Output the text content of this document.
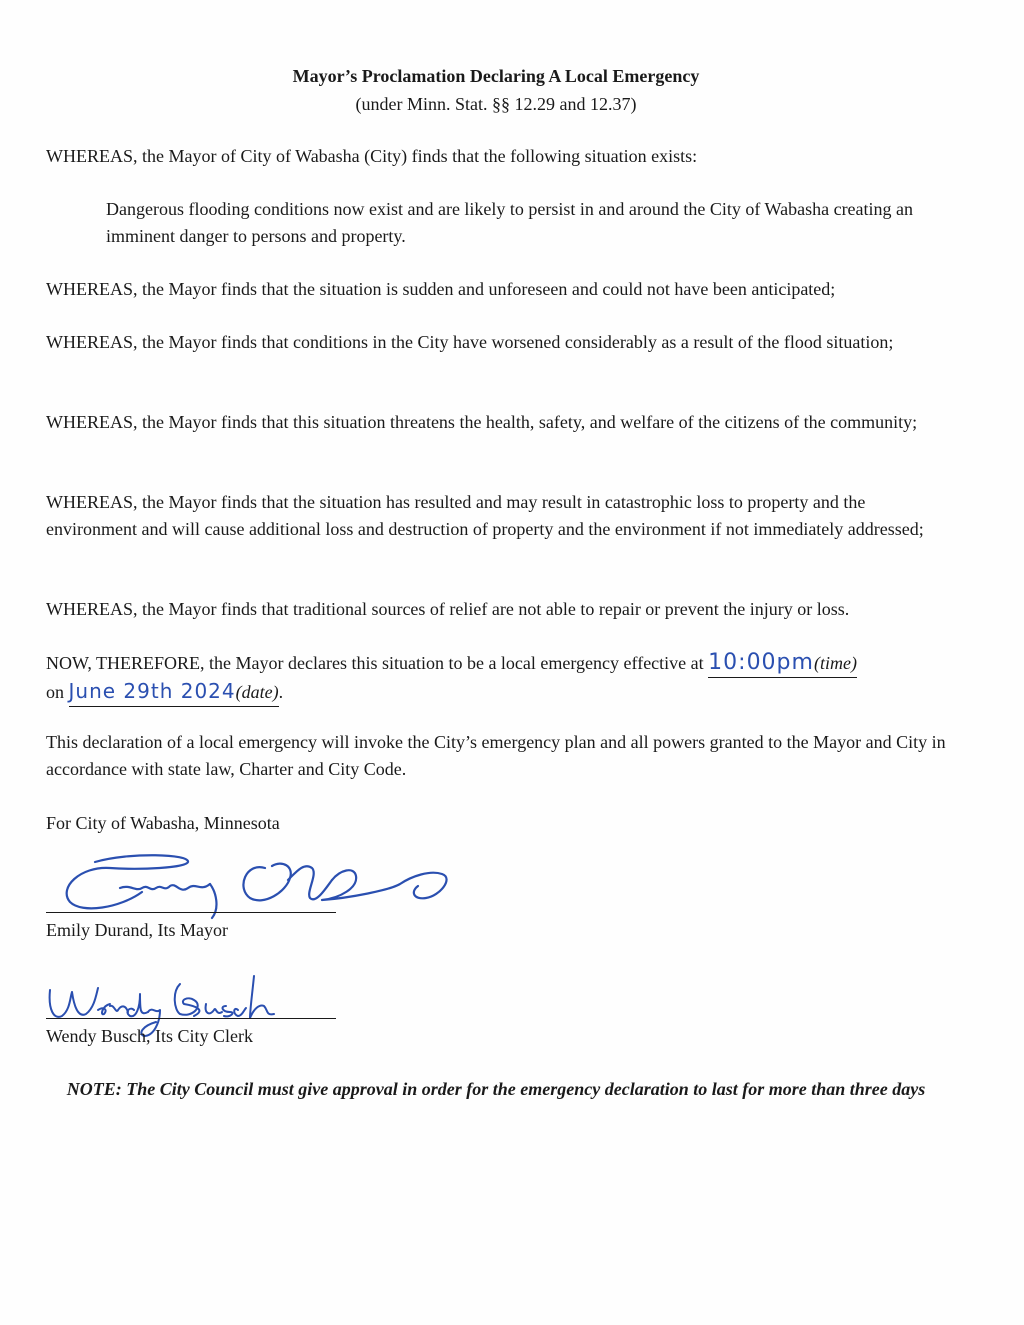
Mayor’s Proclamation Declaring A Local Emergency
(under Minn. Stat. §§ 12.29 and 12.37)
WHEREAS, the Mayor of City of Wabasha (City) finds that the following situation exists:
Dangerous flooding conditions now exist and are likely to persist in and around the City of Wabasha creating an imminent danger to persons and property.
WHEREAS, the Mayor finds that the situation is sudden and unforeseen and could not have been anticipated;
WHEREAS, the Mayor finds that conditions in the City have worsened considerably as a result of the flood situation;
WHEREAS, the Mayor finds that this situation threatens the health, safety, and welfare of the citizens of the community;
WHEREAS, the Mayor finds that the situation has resulted and may result in catastrophic loss to property and the environment and will cause additional loss and destruction of property and the environment if not immediately addressed;
WHEREAS, the Mayor finds that traditional sources of relief are not able to repair or prevent the injury or loss.
NOW, THEREFORE, the Mayor declares this situation to be a local emergency effective at 10:00pm(time)
on June 29th 2024(date).
This declaration of a local emergency will invoke the City’s emergency plan and all powers granted to the Mayor and City in accordance with state law, Charter and City Code.
For City of Wabasha, Minnesota
Emily Durand, Its Mayor
Wendy Busch, Its City Clerk
NOTE: The City Council must give approval in order for the emergency declaration to last for more than three days
